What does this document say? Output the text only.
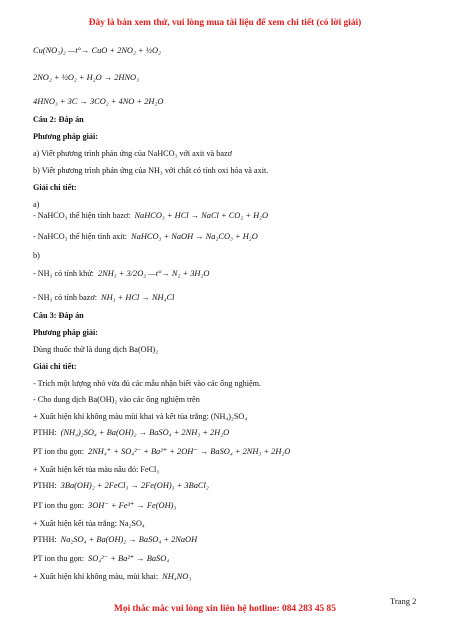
Đây là bản xem thử, vui lòng mua tài liệu để xem chi tiết (có lời giải)
Cu(NO₃)₂ —t°→ CuO + 2NO₂ + ½O₂
2NO₂ + ½O₂ + H₂O → 2HNO₃
4HNO₃ + 3C → 3CO₂ + 4NO + 2H₂O
Câu 2: Đáp án
Phương pháp giải:
a) Viết phương trình phản ứng của NaHCO₃ với axit và bazơ
b) Viết phương trình phản ứng của NH₃ với chất có tính oxi hóa và axit.
Giải chi tiết:
a)
- NaHCO₃ thể hiện tính bazơ: NaHCO₃ + HCl → NaCl + CO₂ + H₂O
- NaHCO₃ thể hiện tính axit: NaHCO₃ + NaOH → Na₂CO₃ + H₂O
b)
- NH₃ có tính khử: 2NH₃ + 3/2O₂ —t°→ N₂ + 3H₂O
- NH₃ có tính bazơ: NH₃ + HCl → NH₄Cl
Câu 3: Đáp án
Phương pháp giải:
Dùng thuốc thử là dung dịch Ba(OH)₂
Giải chi tiết:
- Trích một lượng nhỏ vừa đủ các mẫu nhận biết vào các ống nghiệm.
- Cho dung dịch Ba(OH)₂ vào các ống nghiệm trên
+ Xuất hiện khí không màu mùi khai và kết tủa trắng: (NH₄)₂SO₄
PTHH: (NH₄)₂SO₄ + Ba(OH)₂ → BaSO₄ + 2NH₃ + 2H₂O
PT ion thu gọn: 2NH₄⁺ + SO₄²⁻ + Ba²⁺ + 2OH⁻ → BaSO₄ + 2NH₃ + 2H₂O
+ Xuất hiện kết tủa màu nâu đỏ: FeCl₃
PTHH: 3Ba(OH)₂ + 2FeCl₃ → 2Fe(OH)₃ + 3BaCl₂
PT ion thu gọn: 3OH⁻ + Fe³⁺ → Fe(OH)₃
+ Xuất hiện kết tủa trắng: Na₂SO₄
PTHH: Na₂SO₄ + Ba(OH)₂ → BaSO₄ + 2NaOH
PT ion thu gọn: SO₄²⁻ + Ba²⁺ → BaSO₄
+ Xuất hiện khí không màu, mùi khai: NH₄NO₃
Trang 2
Mọi thắc mắc vui lòng xin liên hệ hotline: 084 283 45 85
